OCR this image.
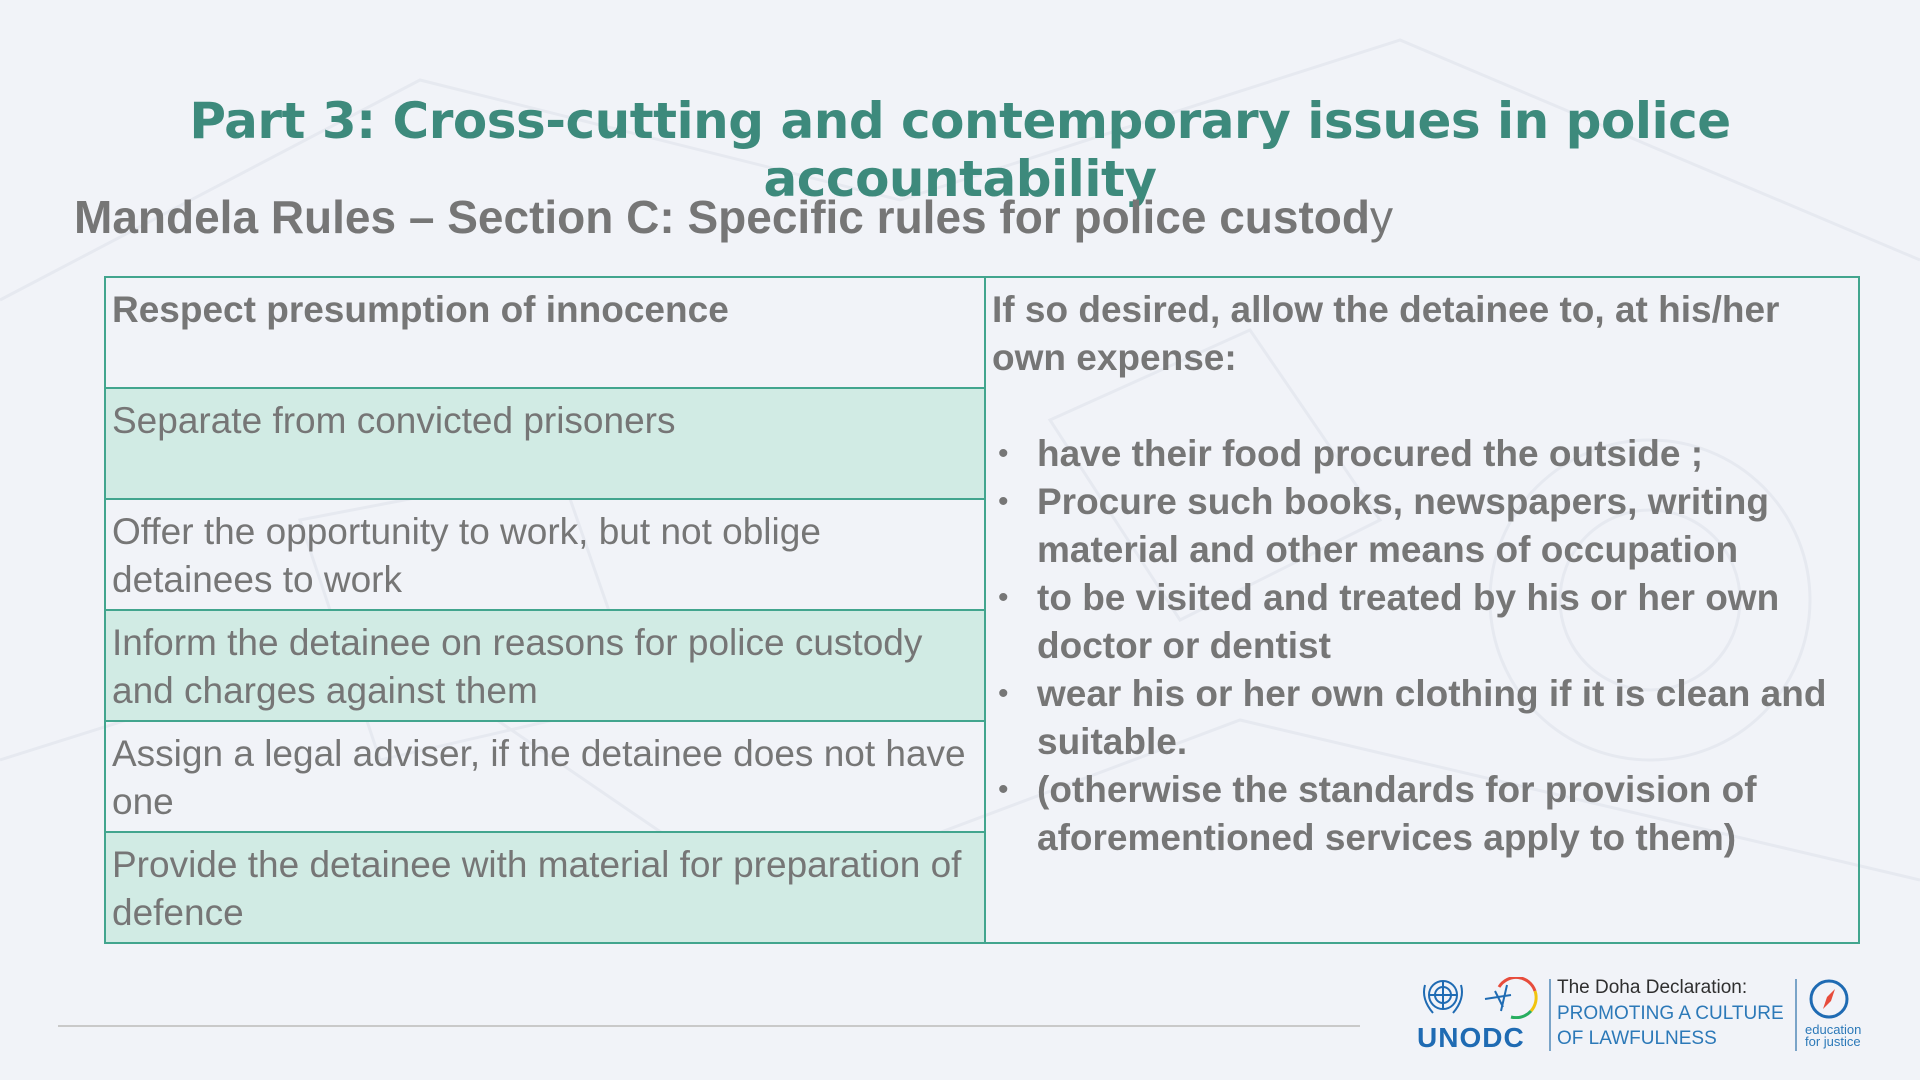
Part 3: Cross-cutting and contemporary issues in police accountability
Mandela Rules – Section C: Specific rules for police custody
Respect presumption of innocence
Separate from convicted prisoners
Offer the opportunity to work, but not oblige detainees to work
Inform the detainee on reasons for police custody and charges against them
Assign a legal adviser, if the detainee does not have one
Provide the detainee with material for preparation of defence
If so desired, allow the detainee to, at his/her own expense:
• have their food procured the outside ;
• Procure such books, newspapers, writing material and other means of occupation
• to be visited and treated by his or her own doctor or dentist
• wear his or her own clothing if it is clean and suitable.
• (otherwise the standards for provision of aforementioned services apply to them)
UNODC
The Doha Declaration:
PROMOTING A CULTURE
OF LAWFULNESS	education
for justice
